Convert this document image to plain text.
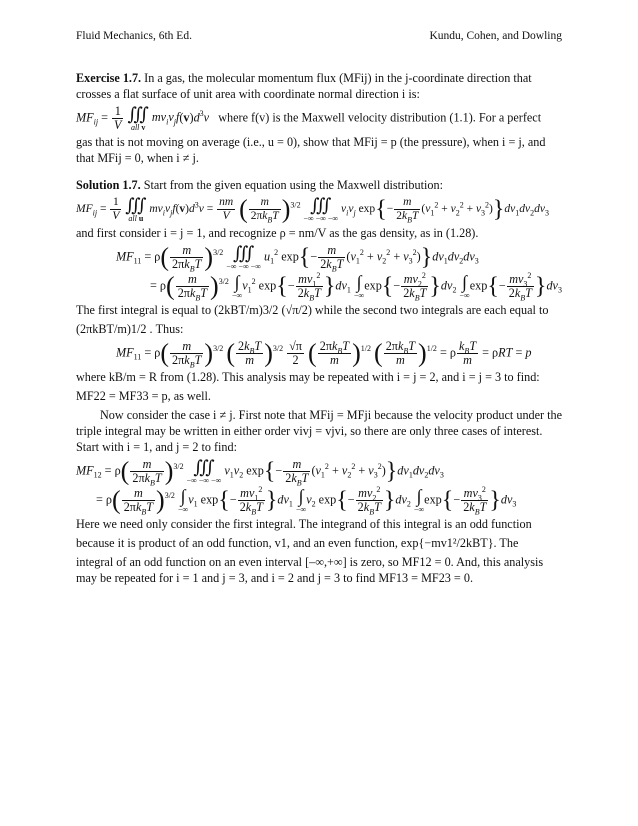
Fluid Mechanics, 6th Ed.	Kundu, Cohen, and Dowling

Exercise 1.7. In a gas, the molecular momentum flux (MFij) in the j-coordinate direction that crosses a flat surface of unit area with coordinate normal direction i is:

$MF_{ij} = \frac{1}{V}$ ∭
all v $mv_iv_jf(v)d^3v$ where f(v) is the Maxwell velocity distribution (1.1). For a perfect

gas that is not moving on average (i.e., u = 0), show that MFij = p (the pressure), when i = j, and that MFij = 0, when i ≠ j.

Solution 1.7. Start from the given equation using the Maxwell distribution:

$MF_{ij} = \frac{1}{V}$ ∭
all u $mv_iv_jf(v)d^3v = \frac{nm}{V}$ ( $\frac{m}{2\pi k_BT} )^{3/2}$ ∭
−∞ −∞ −∞ $v_iv_j$ $\exp\{- \frac{m}{2k_BT} (v_1^2 + v_2^2 + v_3^2)\}dv_1dv_2dv_3$

and first consider i = j = 1, and recognize ρ = nm/V as the gas density, as in (1.28).

$MF_{11} = \rho( \frac{m}{2\pi k_BT} )^{3/2}$ ∭
−∞ −∞ −∞ $u_1^2$ $\exp\{- \frac{m}{2k_BT} (v_1^2 + v_2^2 + v_3^2)\}dv_1dv_2dv_3$
= $\rho( \frac{m}{2\pi k_BT} )^{3/2}$ ∫
$-\infty v_1^2$ $\exp\{- \frac{mv_1^2}{2k_BT} \}dv_1$ ∫
$-\infty\exp\{- \frac{mv_2^2}{2k_BT} \}dv_2$ ∫
$-\infty\exp\{- \frac{mv_3^2}{2k_BT} \}dv_3$

The first integral is equal to (2kBT/m)3/2 (√π/2) while the second two integrals are each equal to

(2πkBT/m)1/2 . Thus:

$MF_{11} = \rho( \frac{m}{2\pi k_BT} )^{3/2}$ ( $\frac{2k_BT}{m} )^{3/2} \frac{√\pi}{2}$ ( $\frac{2\pi k_BT}{m} )^{1/2}$ ( $\frac{2\pi k_BT}{m} )^{1/2} = \rho \frac{k_BT}{m} = \rho RT = p$

where kB/m = R from (1.28). This analysis may be repeated with i = j = 2, and i = j = 3 to find:

MF22 = MF33 = p, as well.

Now consider the case i ≠ j. First note that MFij = MFji because the velocity product under the triple integral may be written in either order vivj = vjvi, so there are only three cases of interest. Start with i = 1, and j = 2 to find:

$MF_{12} = \rho( \frac{m}{2\pi k_BT} )^{3/2}$ ∭
−∞ −∞ −∞ $v_1v_2$ $\exp\{- \frac{m}{2k_BT} (v_1^2 + v_2^2 + v_3^2)\}dv_1dv_2dv_3$
= $\rho( \frac{m}{2\pi k_BT} )^{3/2}$ ∫
$-\infty v_1$ $\exp\{- \frac{mv_1^2}{2k_BT} \}dv_1$ ∫
$-\infty v_2$ $\exp\{- \frac{mv_2^2}{2k_BT} \}dv_2$ ∫
$-\infty\exp\{- \frac{mv_3^2}{2k_BT} \}dv_3$

Here we need only consider the first integral. The integrand of this integral is an odd function

because it is product of an odd function, v1, and an even function, exp{−mv1²/2kBT}. The

integral of an odd function on an even interval [–∞,+∞] is zero, so MF12 = 0. And, this analysis may be repeated for i = 1 and j = 3, and i = 2 and j = 3 to find MF13 = MF23 = 0.
